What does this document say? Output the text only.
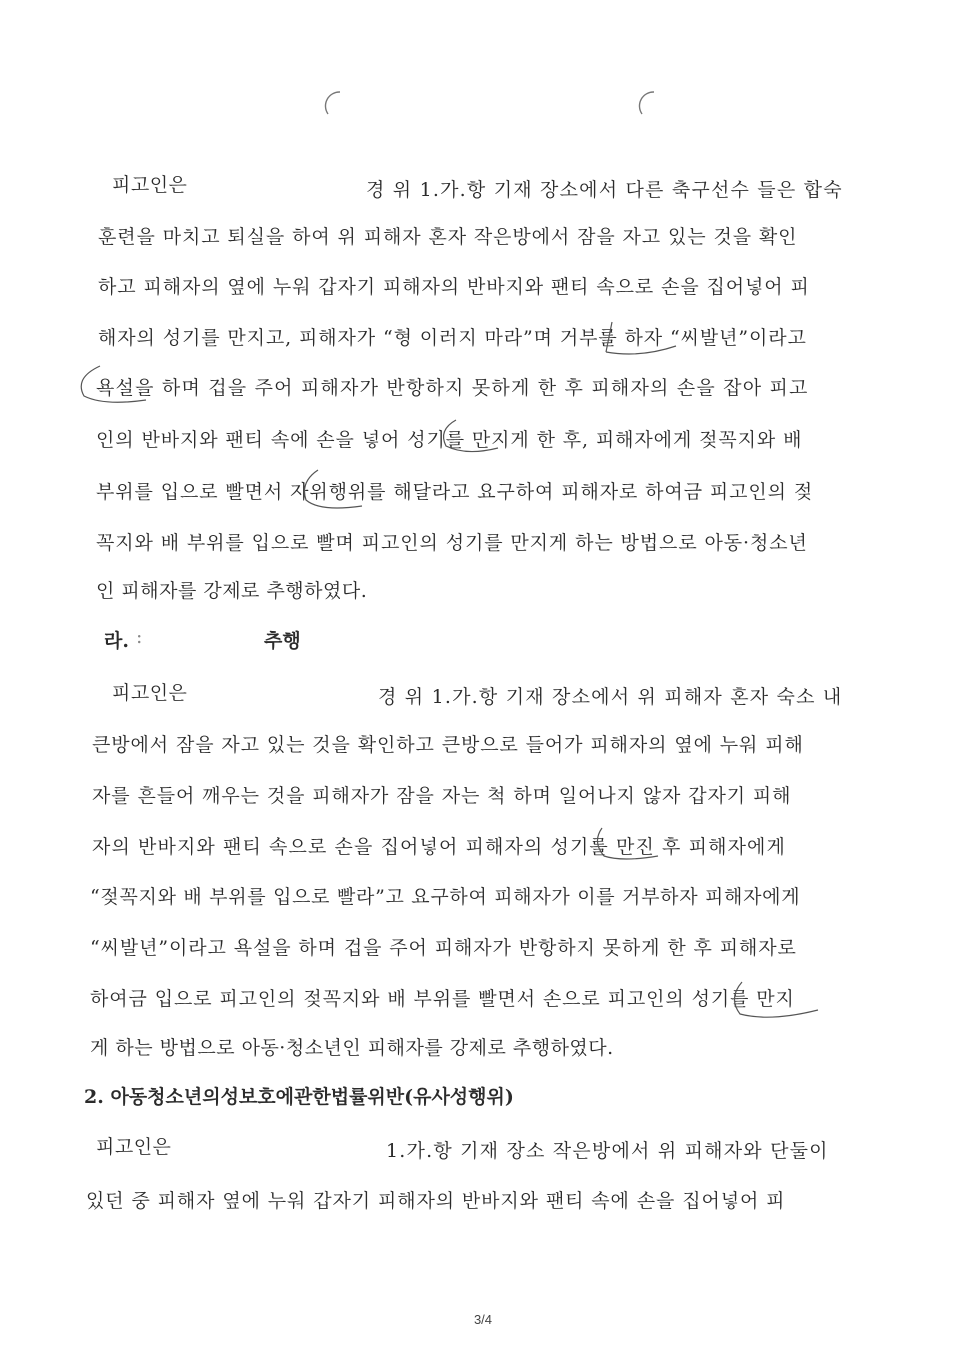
피고인은	경 위 1.가.항 기재 장소에서 다른 축구선수 들은 합숙
훈련을 마치고 퇴실을 하여 위 피해자 혼자 작은방에서 잠을 자고 있는 것을 확인
하고 피해자의 옆에 누워 갑자기 피해자의 반바지와 팬티 속으로 손을 집어넣어 피
해자의 성기를 만지고, 피해자가 “형 이러지 마라”며 거부를 하자 “씨발년”이라고
욕설을 하며 겁을 주어 피해자가 반항하지 못하게 한 후 피해자의 손을 잡아 피고
인의 반바지와 팬티 속에 손을 넣어 성기를 만지게 한 후, 피해자에게 젖꼭지와 배
부위를 입으로 빨면서 자위행위를 해달라고 요구하여 피해자로 하여금 피고인의 젖
꼭지와 배 부위를 입으로 빨며 피고인의 성기를 만지게 하는 방법으로 아동·청소년
인 피해자를 강제로 추행하였다.
라. :	추행
피고인은	경 위 1.가.항 기재 장소에서 위 피해자 혼자 숙소 내
큰방에서 잠을 자고 있는 것을 확인하고 큰방으로 들어가 피해자의 옆에 누워 피해
자를 흔들어 깨우는 것을 피해자가 잠을 자는 척 하며 일어나지 않자 갑자기 피해
자의 반바지와 팬티 속으로 손을 집어넣어 피해자의 성기를 만진 후 피해자에게
“젖꼭지와 배 부위를 입으로 빨라”고 요구하여 피해자가 이를 거부하자 피해자에게
“씨발년”이라고 욕설을 하며 겁을 주어 피해자가 반항하지 못하게 한 후 피해자로
하여금 입으로 피고인의 젖꼭지와 배 부위를 빨면서 손으로 피고인의 성기를 만지
게 하는 방법으로 아동·청소년인 피해자를 강제로 추행하였다.
2. 아동청소년의성보호에관한법률위반(유사성행위)
피고인은	1.가.항 기재 장소 작은방에서 위 피해자와 단둘이
있던 중 피해자 옆에 누워 갑자기 피해자의 반바지와 팬티 속에 손을 집어넣어 피
3/4
